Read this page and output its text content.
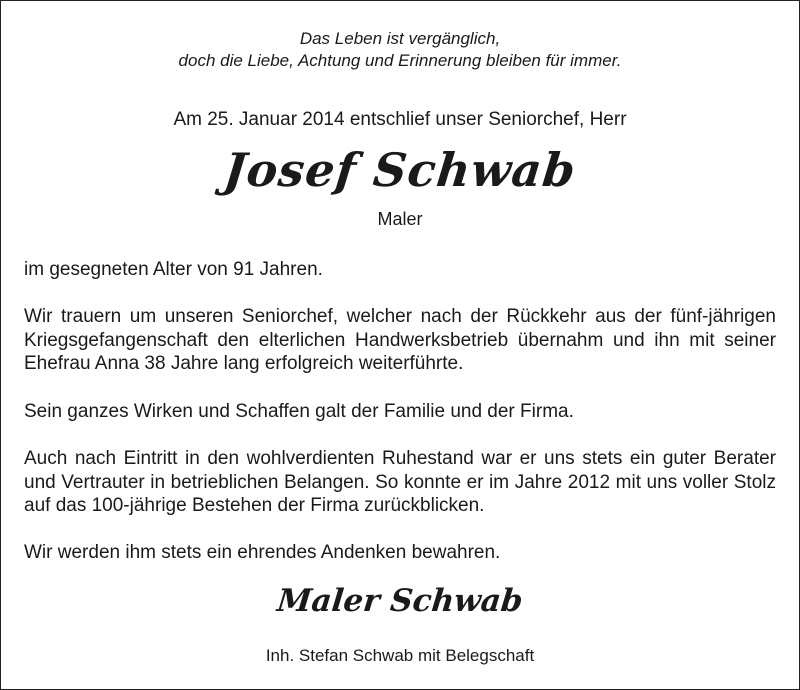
Das Leben ist vergänglich,
doch die Liebe, Achtung und Erinnerung bleiben für immer.
Am 25. Januar 2014 entschlief unser Seniorchef, Herr
Josef Schwab
Maler
im gesegneten Alter von 91 Jahren.
Wir trauern um unseren Seniorchef, welcher nach der Rückkehr aus der fünf-jährigen Kriegsgefangenschaft den elterlichen Handwerksbetrieb übernahm und ihn mit seiner Ehefrau Anna 38 Jahre lang erfolgreich weiterführte.
Sein ganzes Wirken und Schaffen galt der Familie und der Firma.
Auch nach Eintritt in den wohlverdienten Ruhestand war er uns stets ein guter Berater und Vertrauter in betrieblichen Belangen. So konnte er im Jahre 2012 mit uns voller Stolz auf das 100-jährige Bestehen der Firma zurückblicken.
Wir werden ihm stets ein ehrendes Andenken bewahren.
Maler Schwab
Inh. Stefan Schwab mit Belegschaft
